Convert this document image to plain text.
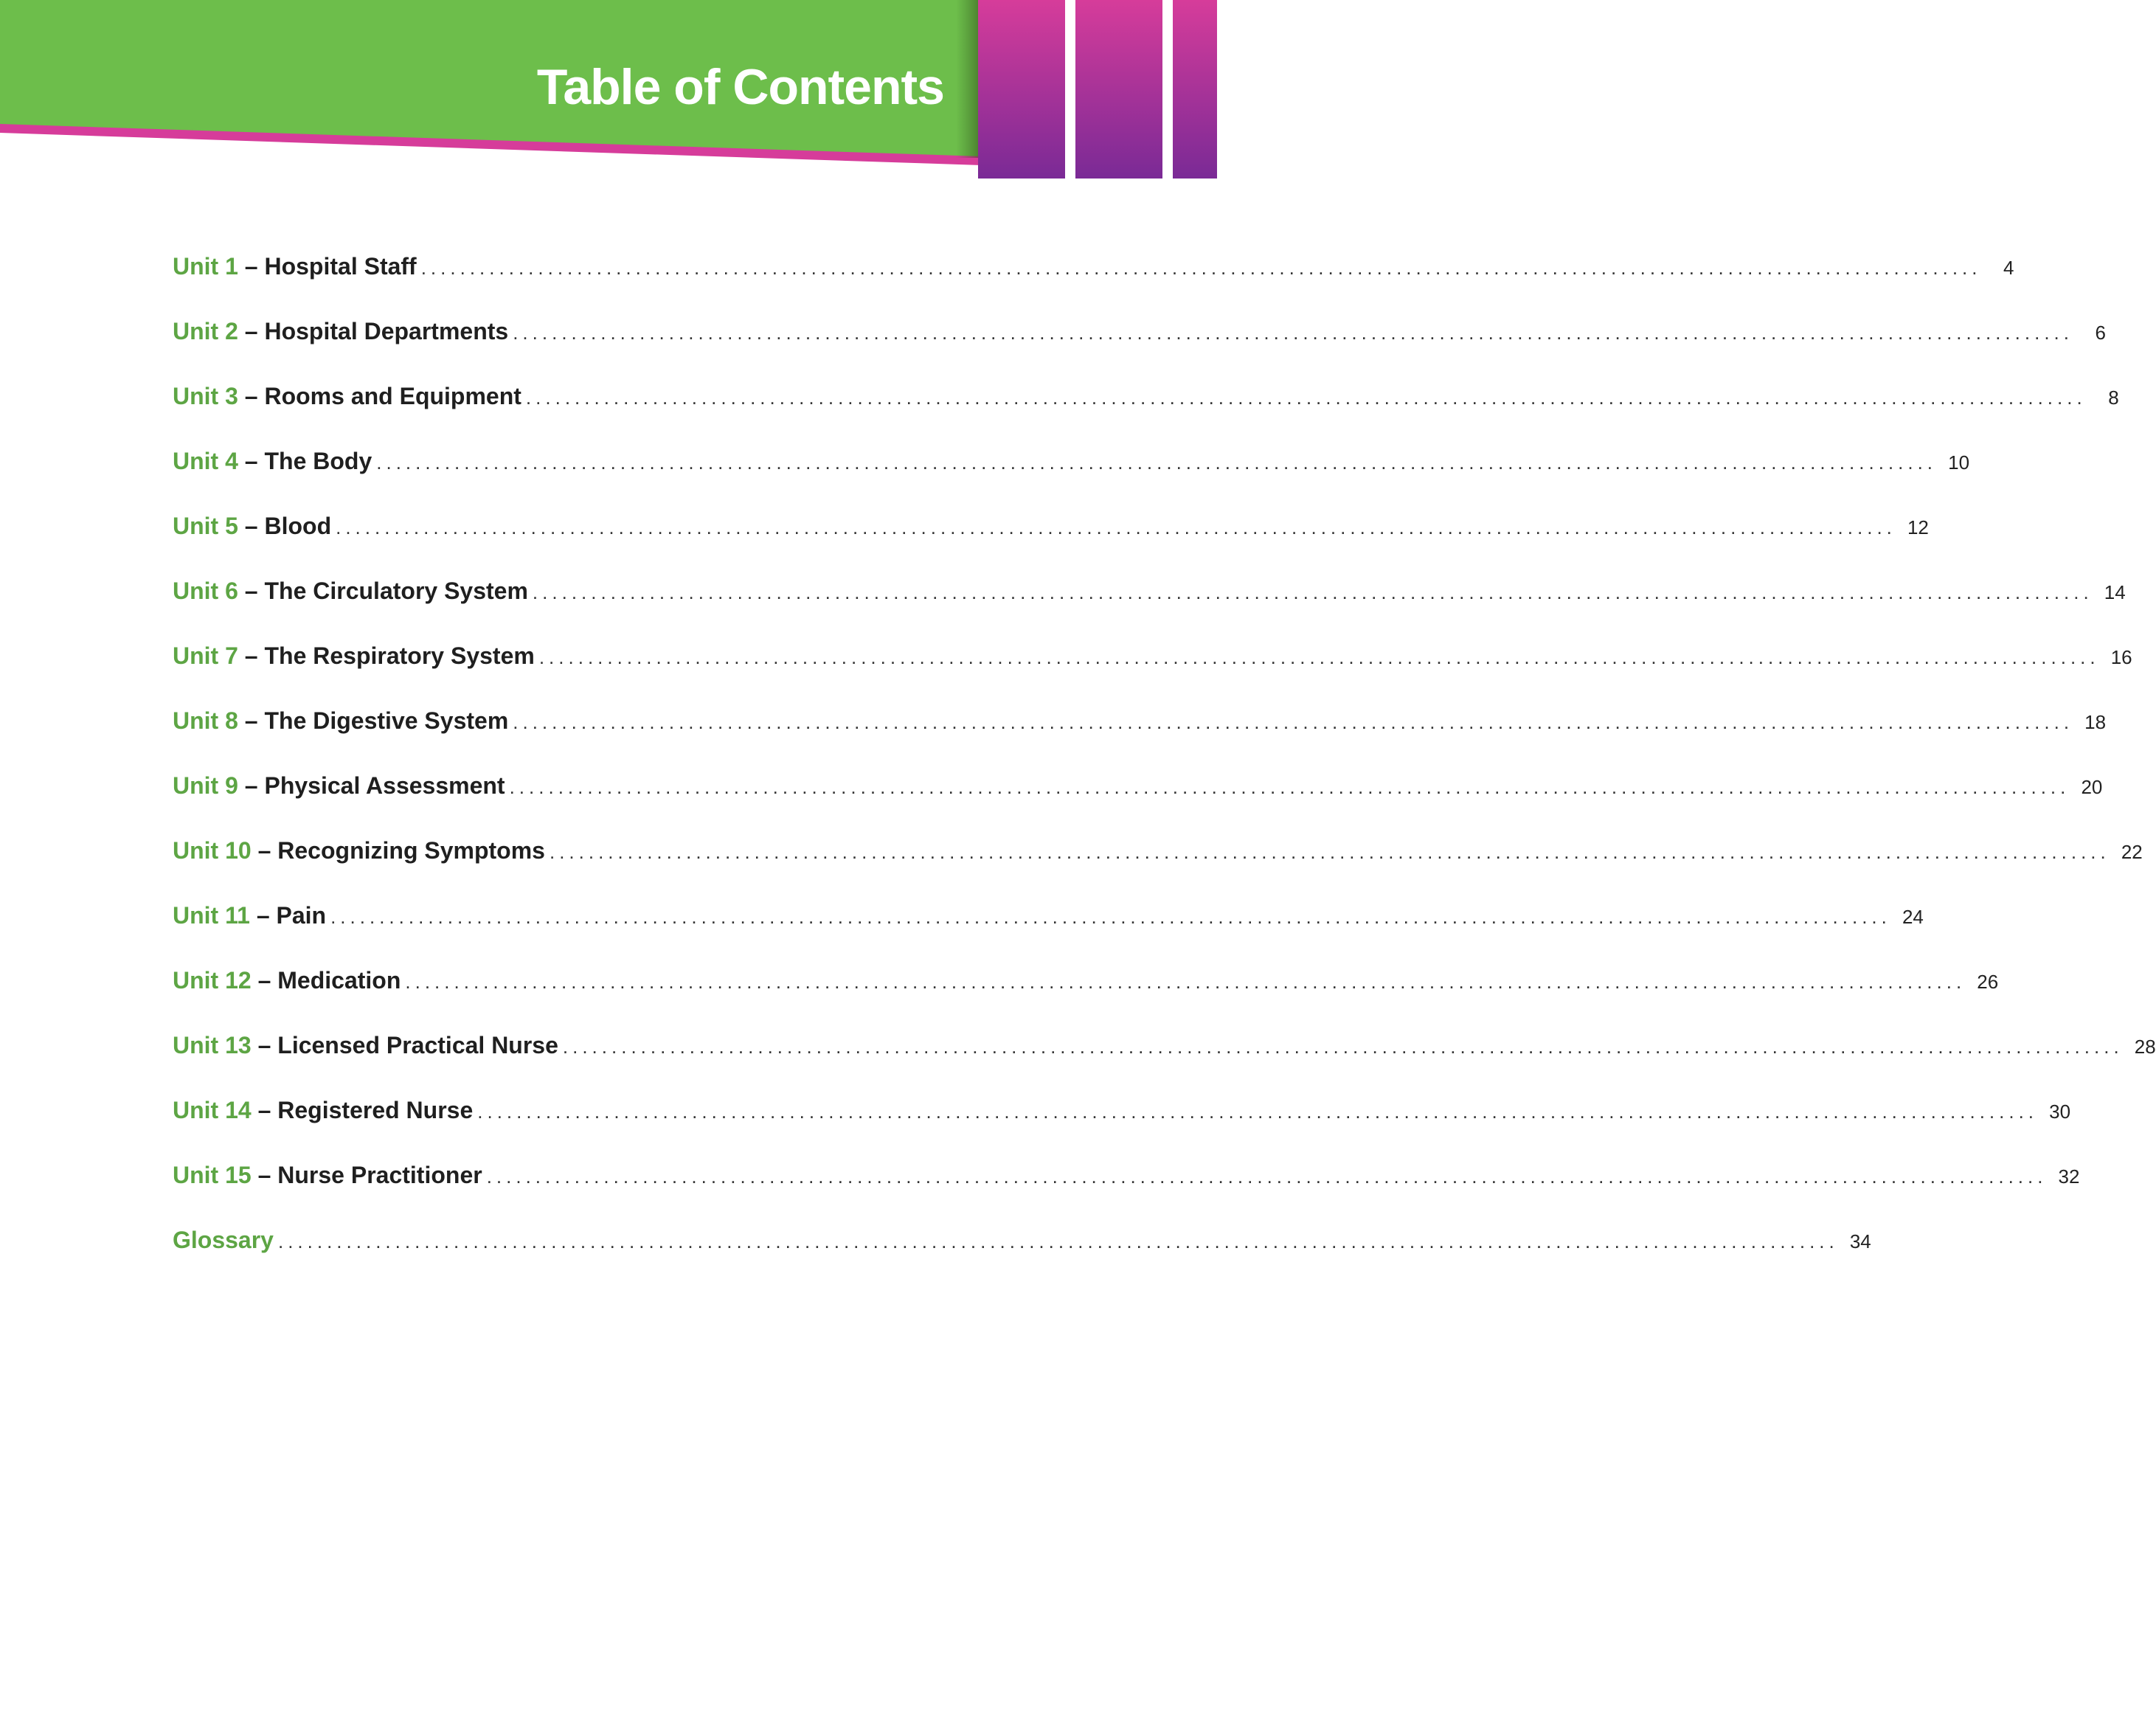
Table of Contents
Unit 1 – Hospital Staff ................................................................................................................................................................	4
Unit 2 – Hospital Departments ................................................................................................................................................................	6
Unit 3 – Rooms and Equipment ................................................................................................................................................................	8
Unit 4 – The Body ................................................................................................................................................................ 10
Unit 5 – Blood ................................................................................................................................................................ 12
Unit 6 – The Circulatory System ................................................................................................................................................................ 14
Unit 7 – The Respiratory System ................................................................................................................................................................ 16
Unit 8 – The Digestive System ................................................................................................................................................................ 18
Unit 9 – Physical Assessment ................................................................................................................................................................ 20
Unit 10 – Recognizing Symptoms ................................................................................................................................................................ 22
Unit 11 – Pain ................................................................................................................................................................ 24
Unit 12 – Medication ................................................................................................................................................................ 26
Unit 13 – Licensed Practical Nurse ................................................................................................................................................................ 28
Unit 14 – Registered Nurse ................................................................................................................................................................ 30
Unit 15 – Nurse Practitioner ................................................................................................................................................................ 32
Glossary ................................................................................................................................................................ 34
